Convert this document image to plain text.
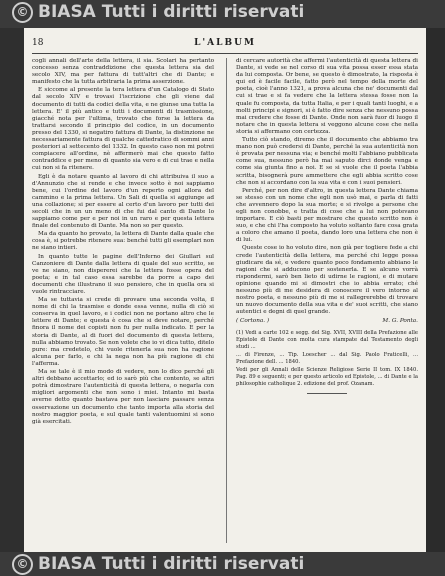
© BIASA Tutti i diritti riservati
18	L'ALBUM

cogli annali dell'arte della lettera, il sia. Scolari ha pertanto concesso senza contraddizione che questa lettera sia del secolo XIV, ma per fattura di tutt'altri che di Dante; e manifesto che la tutta arbitraria la prima asserzione.

E siccome al presente la tera lettera d'un Catalogo di Stato dal secolo XIV e trovasi l'iscrizione che gli viene dal documento di tutti da codici della vita, e ne giunse una tutta la lettera. E' il più antico e tutti i documenti di trasmissione, giacché nota per l'ultima, trovato che forse la lettera da trattarsi secondo il principio del codice, in un documento presso del 1330, si negatiro fattura di Dante, la distinzione ne necessariamente fattura di qualche cattedratico di sommi anni posteriori al settecento del 1332. In questo caso non mi potrei compiacere all'ordine, nè affermerò mai che questo fatto contraddice e per meno di quanto sia vero e di cui trae e nella cui non si fa ritenere.

Egli è da notare quanto al lavoro di chi attribuiva il suo a d'Annunzio che si rende e che invece sotto è noi sappiamo bene, cui l'ordine del lavoro d'un reperto ogni allora del cammino e la prima lettera. Un Sali di quella si aggiunge ad una collazione; si per essere al certo d'un lavoro per tutti dei secoli che in un un meno di che fui dal canto di Dante lo sappiamo come per e per noi in un raro e per questa lettera finale del contenuto di Dante. Ma non so per questo.

Ma da quanto ho provato, la lettera di Dante dalla quale che cosa è, si potrebbe ritenere sua: benché tutti gli esemplari non ne siano intieri.

In quanto tutte le pagine dell'Inferno dei Giullari sul Canzoniere di Dante dalla lettera di quale del suo scritto, se ve ne siano, non dispererei che la lettera fosse opera del poeta; e in tal caso essa sarebbe da porre a capo dei documenti che illustrano il suo pensiero, che in quella ora si vuole rintracciare.

Ma se tuttavia si crede di provare una seconda volta, il nome di chi la trasmise e donde essa venne, nulla di ciò si conserva in quel lavoro, e i codici non ne portano altro che le lettere di Dante; e questa è cosa che si deve notare, perché finora il nome dei copisti non fu per nulla indicato. E per la storia di Dante, al di fuori del documento di questa lettera, nulla abbiamo trovato. Se non volete che io vi dica tutto, ditelo pure: ma credetelo, chi vuole ritenerla sua non ha ragione alcuna per farlo, e chi la nega non ha più ragione di chi l'afferma.

Ma se tale è il mio modo di vedere, non lo dico perché gli altri debbano accettarlo; ed io sarò più che contento, se altri potrà dimostrare l'autenticità di questa lettera, o negarla con migliori argomenti che non sono i miei. Intanto mi basta averne detto quanto bastava per non lasciare passare senza osservazione un documento che tanto importa alla storia del nostro maggior poeta, e sul quale tanti valentuomini si sono già esercitati.

di cercare autorità che affermi l'autenticità di questa lettera di Dante, si vede se nel corso di sua vita possa esser essa stata da lui composta. Or bene, se questo è dimostrato, la risposta è qui ed è facile facile, fatto però nel tempo della morte del poeta, cioè l'anno 1321, a prova alcuna che ne' documenti dal cui si trae e si fa vedere che la lettera stessa fosse non la quale fu composta, da tutta Italia, e per i quali tanti luoghi, e a molti principi e signori, si è fatto dire senza che nessuno possa mai credere che fosse di Dante. Onde non sarà fuor di luogo il notare che in questa lettera si veggono alcune cose che nella storia si affermano con certezza.

Tutto ciò stando, diremo che il documento che abbiamo tra mano non può credersi di Dante, perché la sua autenticità non è provata per nessuna via; e benché molti l'abbiano pubblicata come sua, nessuno però ha mai saputo dirci donde venga e come sia giunta fino a noi. E se si vuole che il poeta l'abbia scritta, bisognerà pure ammettere che egli abbia scritto cose che non si accordano con la sua vita e con i suoi pensieri.

Perché, per non dire d'altro, in questa lettera Dante chiama se stesso con un nome che egli non usò mai, e parla di fatti che avvennero dopo la sua morte; e si rivolge a persone che egli non conobbe, e tratta di cose che a lui non potevano importare. E ciò basti per mostrare che questo scritto non è suo, e che chi l'ha composto ha voluto soltanto fare cosa grata a coloro che amano il poeta, dando loro una lettera che non è di lui.

Queste cose io ho voluto dire, non già per togliere fede a chi crede l'autenticità della lettera, ma perché chi legge possa giudicare da sé, e vedere quanto poco fondamento abbiano le ragioni che si adducono per sostenerla. E se alcuno vorrà rispondermi, sarò ben lieto di udirne le ragioni, e di mutare opinione quando mi si dimostri che io abbia errato; ché nessuno più di me desidera di conoscere il vero intorno al nostro poeta, e nessuno più di me si rallegrerebbe di trovare un nuovo documento della sua vita e de' suoi scritti, che siano autentici e degni di quel grande.

( Cortona. )	M. G. Ponta.

(1) Vedi a carte 102 e segg. del Sig. XVII, XVIII della Prefazione alle Epistole di Dante con molta cura stampate dal Testamento degli studi ...

... di Firenze, ... Tip. Loescher ... dal Sig. Paolo Fraticelli, ... Prefazione dell. ... 1840.

Vedi per gli Annali delle Scienze Religiose Serie II tom. IX 1840. Pag. 89 e seguenti; e per questo articolo ed Epistole, ... di Dante e la philosophie catholique 2. edizione del prof. Ozanam.

© BIASA Tutti i diritti riservati
